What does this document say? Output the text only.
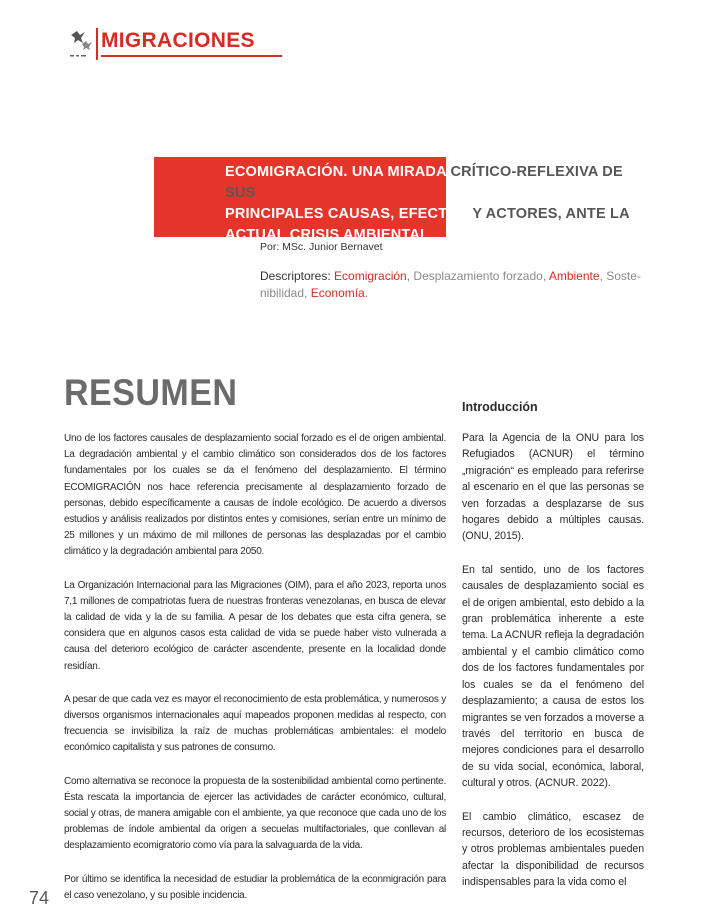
MIGRACIONES
ECOMIGRACIÓN. UNA MIRADA CRÍTICO-REFLEXIVA DE SUS
PRINCIPALES CAUSAS, EFECTOS Y ACTORES, ANTE LA
ACTUAL CRISIS AMBIENTAL
Por: MSc. Junior Bernavet
Descriptores: Ecomigración, Desplazamiento forzado, Ambiente, Soste-nibilidad, Economía.
RESUMEN

Uno de los factores causales de desplazamiento social forzado es el de origen ambiental. La degradación ambiental y el cambio climático son considerados dos de los factores fundamentales por los cuales se da el fenómeno del desplazamiento. El término ECOMIGRACIÓN nos hace referencia precisamente al desplazamiento forzado de personas, debido específicamente a causas de índole ecológico. De acuerdo a diversos estudios y análisis realizados por distintos entes y comisiones, serían entre un mínimo de 25 millones y un máximo de mil millones de personas las desplazadas por el cambio climático y la degradación ambiental para 2050.

La Organización Internacional para las Migraciones (OIM), para el año 2023, reporta unos 7,1 millones de compatriotas fuera de nuestras fronteras venezolanas, en busca de elevar la calidad de vida y la de su familia. A pesar de los debates que esta cifra genera, se considera que en algunos casos esta calidad de vida se puede haber visto vulnerada a causa del deterioro ecológico de carácter ascendente, presente en la localidad donde residían.

A pesar de que cada vez es mayor el reconocimiento de esta problemática, y numerosos y diversos organismos internacionales aquí mapeados proponen medidas al respecto, con frecuencia se invisibiliza la raíz de muchas problemáticas ambientales: el modelo económico capitalista y sus patrones de consumo.

Como alternativa se reconoce la propuesta de la sostenibilidad ambiental como pertinente. Ésta rescata la importancia de ejercer las actividades de carácter económico, cultural, social y otras, de manera amigable con el ambiente, ya que reconoce que cada uno de los problemas de índole ambiental da origen a secuelas multifactoriales, que conllevan al desplazamiento ecomigratorio como vía para la salvaguarda de la vida.

Por último se identifica la necesidad de estudiar la problemática de la econmigración para el caso venezolano, y su posible incidencia.

Introducción

Para la Agencia de la ONU para los Refugiados (ACNUR) el término „migración“ es empleado para referirse al escenario en el que las personas se ven forzadas a desplazarse de sus hogares debido a múltiples causas. (ONU, 2015).

En tal sentido, uno de los factores causales de desplazamiento social es el de origen ambiental, esto debido a la gran problemática inherente a este tema. La ACNUR refleja la degradación ambiental y el cambio climático como dos de los factores fundamentales por los cuales se da el fenómeno del desplazamiento; a causa de estos los migrantes se ven forzados a moverse a través del territorio en busca de mejores condiciones para el desarrollo de su vida social, económica, laboral, cultural y otros. (ACNUR. 2022).

El cambio climático, escasez de recursos, deterioro de los ecosistemas y otros problemas ambientales pueden afectar la disponibilidad de recursos indispensables para la vida como el

74
